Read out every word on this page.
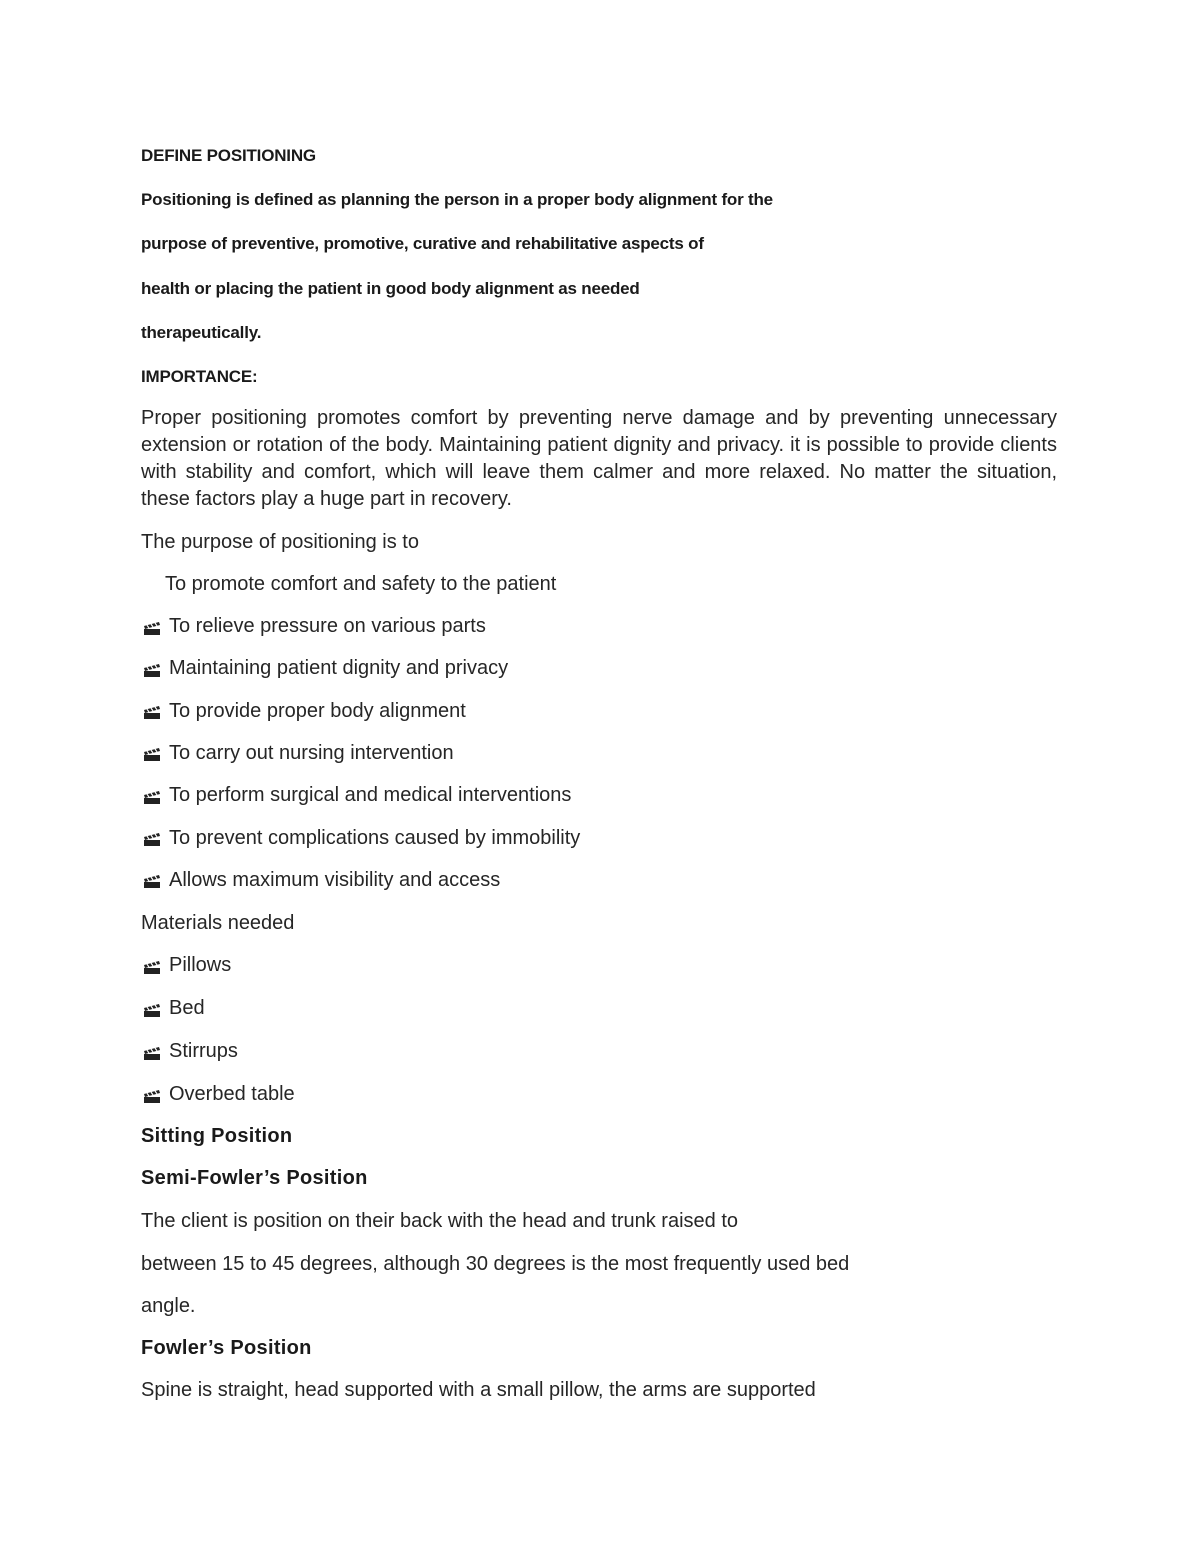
DEFINE POSITIONING
Positioning is defined as planning the person in a proper body alignment for the
purpose of preventive, promotive, curative and rehabilitative aspects of
health or placing the patient in good body alignment as needed
therapeutically.
IMPORTANCE:
Proper positioning promotes comfort by preventing nerve damage and by preventing unnecessary extension or rotation of the body. Maintaining patient dignity and privacy. it is possible to provide clients with stability and comfort, which will leave them calmer and more relaxed. No matter the situation, these factors play a huge part in recovery.
The purpose of positioning is to
To promote comfort and safety to the patient
To relieve pressure on various parts
Maintaining patient dignity and privacy
To provide proper body alignment
To carry out nursing intervention
To perform surgical and medical interventions
To prevent complications caused by immobility
Allows maximum visibility and access
Materials needed
Pillows
Bed
Stirrups
Overbed table
Sitting Position
Semi-Fowler’s Position
The client is position on their back with the head and trunk raised to
between 15 to 45 degrees, although 30 degrees is the most frequently used bed
angle.
Fowler’s Position
Spine is straight, head supported with a small pillow, the arms are supported
